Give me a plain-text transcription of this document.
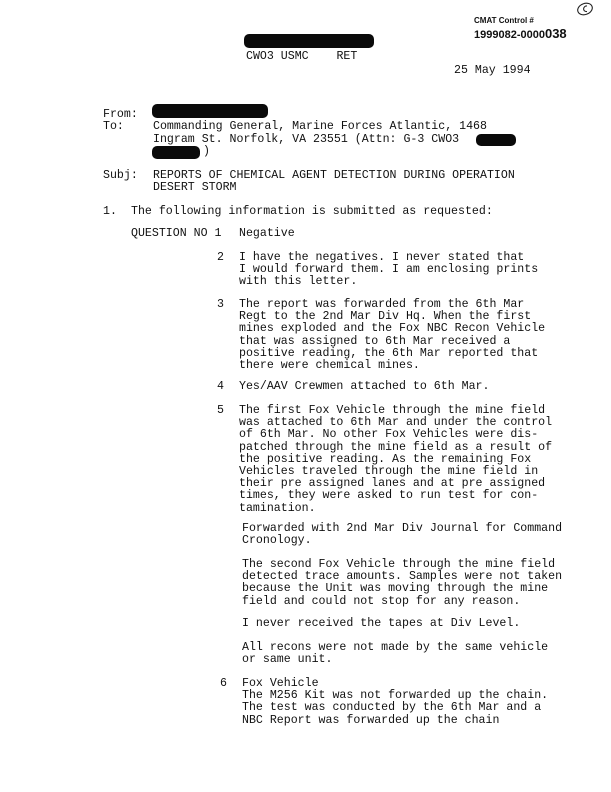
CMAT Control #
1999082-0000038
CWO3 USMC    RET
25 May 1994
From:
To:	Commanding General, Marine Forces Atlantic, 1468
Ingram St. Norfolk, VA 23551 (Attn: G-3 CWO3
)
Subj: REPORTS OF CHEMICAL AGENT DETECTION DURING OPERATION
DESERT STORM
1. The following information is submitted as requested:
QUESTION NO 1 Negative
2 I have the negatives. I never stated that
I would forward them. I am enclosing prints
with this letter.
3 The report was forwarded from the 6th Mar
Regt to the 2nd Mar Div Hq. When the first
mines exploded and the Fox NBC Recon Vehicle
that was assigned to 6th Mar received a
positive reading, the 6th Mar reported that
there were chemical mines.
4 Yes/AAV Crewmen attached to 6th Mar.
5 The first Fox Vehicle through the mine field
was attached to 6th Mar and under the control
of 6th Mar. No other Fox Vehicles were dis-
patched through the mine field as a result of
the positive reading. As the remaining Fox
Vehicles traveled through the mine field in
their pre assigned lanes and at pre assigned
times, they were asked to run test for con-
tamination.
Forwarded with 2nd Mar Div Journal for Command
Cronology.
The second Fox Vehicle through the mine field
detected trace amounts. Samples were not taken
because the Unit was moving through the mine
field and could not stop for any reason.
I never received the tapes at Div Level.
All recons were not made by the same vehicle
or same unit.
6 Fox Vehicle
The M256 Kit was not forwarded up the chain.
The test was conducted by the 6th Mar and a
NBC Report was forwarded up the chain
